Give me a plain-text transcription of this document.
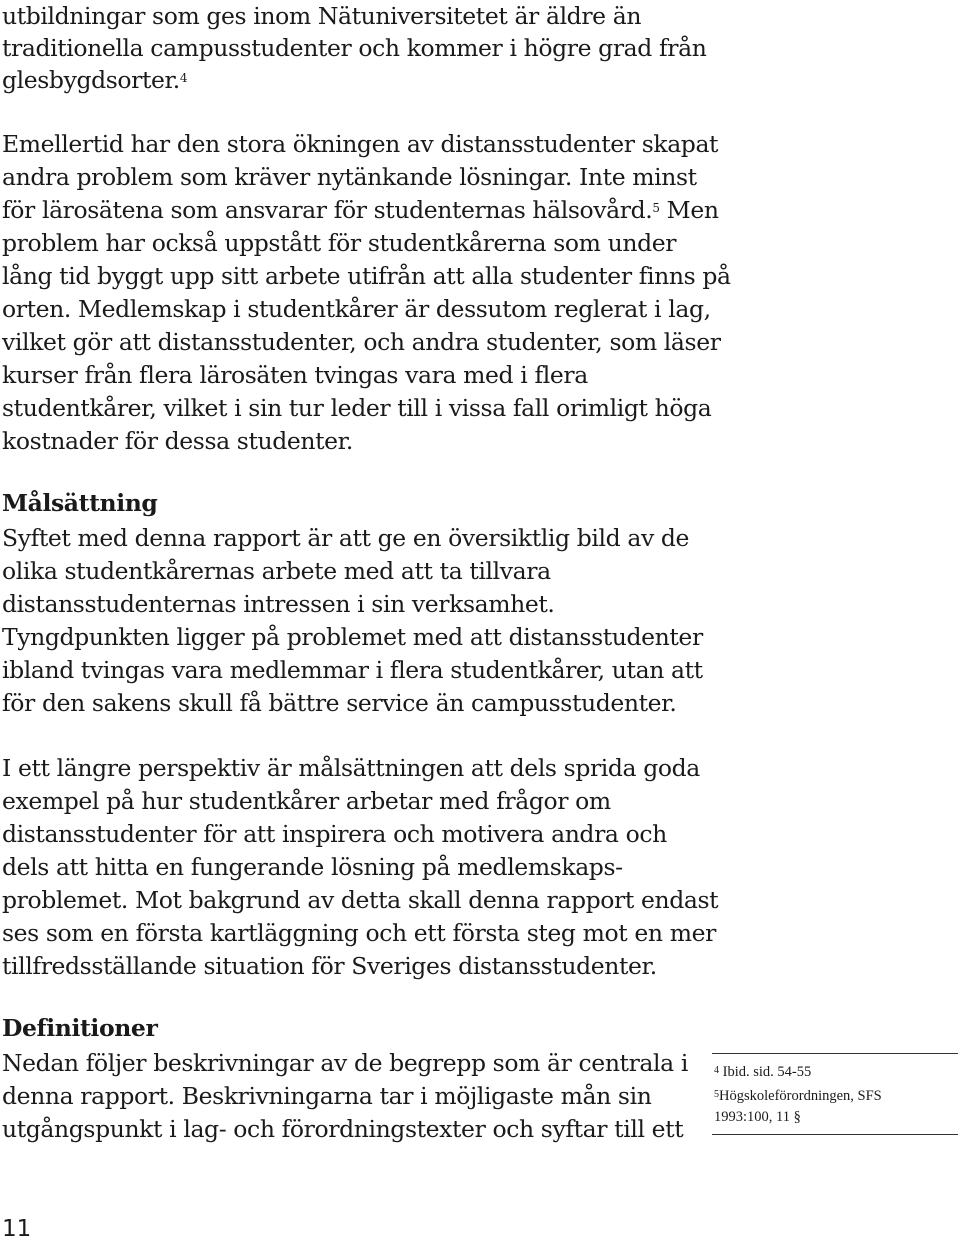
utbildningar som ges inom Nätuniversitetet är äldre än
traditionella campusstudenter och kommer i högre grad från
glesbygdsorter.$^4$
Emellertid har den stora ökningen av distansstudenter skapat
andra problem som kräver nytänkande lösningar. Inte minst
för lärosätena som ansvarar för studenternas hälsovård.$^5$ Men
problem har också uppstått för studentkårerna som under
lång tid byggt upp sitt arbete utifrån att alla studenter finns på
orten. Medlemskap i studentkårer är dessutom reglerat i lag,
vilket gör att distansstudenter, och andra studenter, som läser
kurser från flera lärosäten tvingas vara med i flera
studentkårer, vilket i sin tur leder till i vissa fall orimligt höga
kostnader för dessa studenter.
Målsättning
Syftet med denna rapport är att ge en översiktlig bild av de
olika studentkårernas arbete med att ta tillvara
distansstudenternas intressen i sin verksamhet.
Tyngdpunkten ligger på problemet med att distansstudenter
ibland tvingas vara medlemmar i flera studentkårer, utan att
för den sakens skull få bättre service än campusstudenter.
I ett längre perspektiv är målsättningen att dels sprida goda
exempel på hur studentkårer arbetar med frågor om
distansstudenter för att inspirera och motivera andra och
dels att hitta en fungerande lösning på medlemskaps-
problemet. Mot bakgrund av detta skall denna rapport endast
ses som en första kartläggning och ett första steg mot en mer
tillfredsställande situation för Sveriges distansstudenter.
Definitioner
Nedan följer beskrivningar av de begrepp som är centrala i
denna rapport. Beskrivningarna tar i möjligaste mån sin
utgångspunkt i lag- och förordningstexter och syftar till ett
$^4$ Ibid. sid. 54-55
$^5$Högskoleförordningen, SFS
1993:100, 11 §
11
